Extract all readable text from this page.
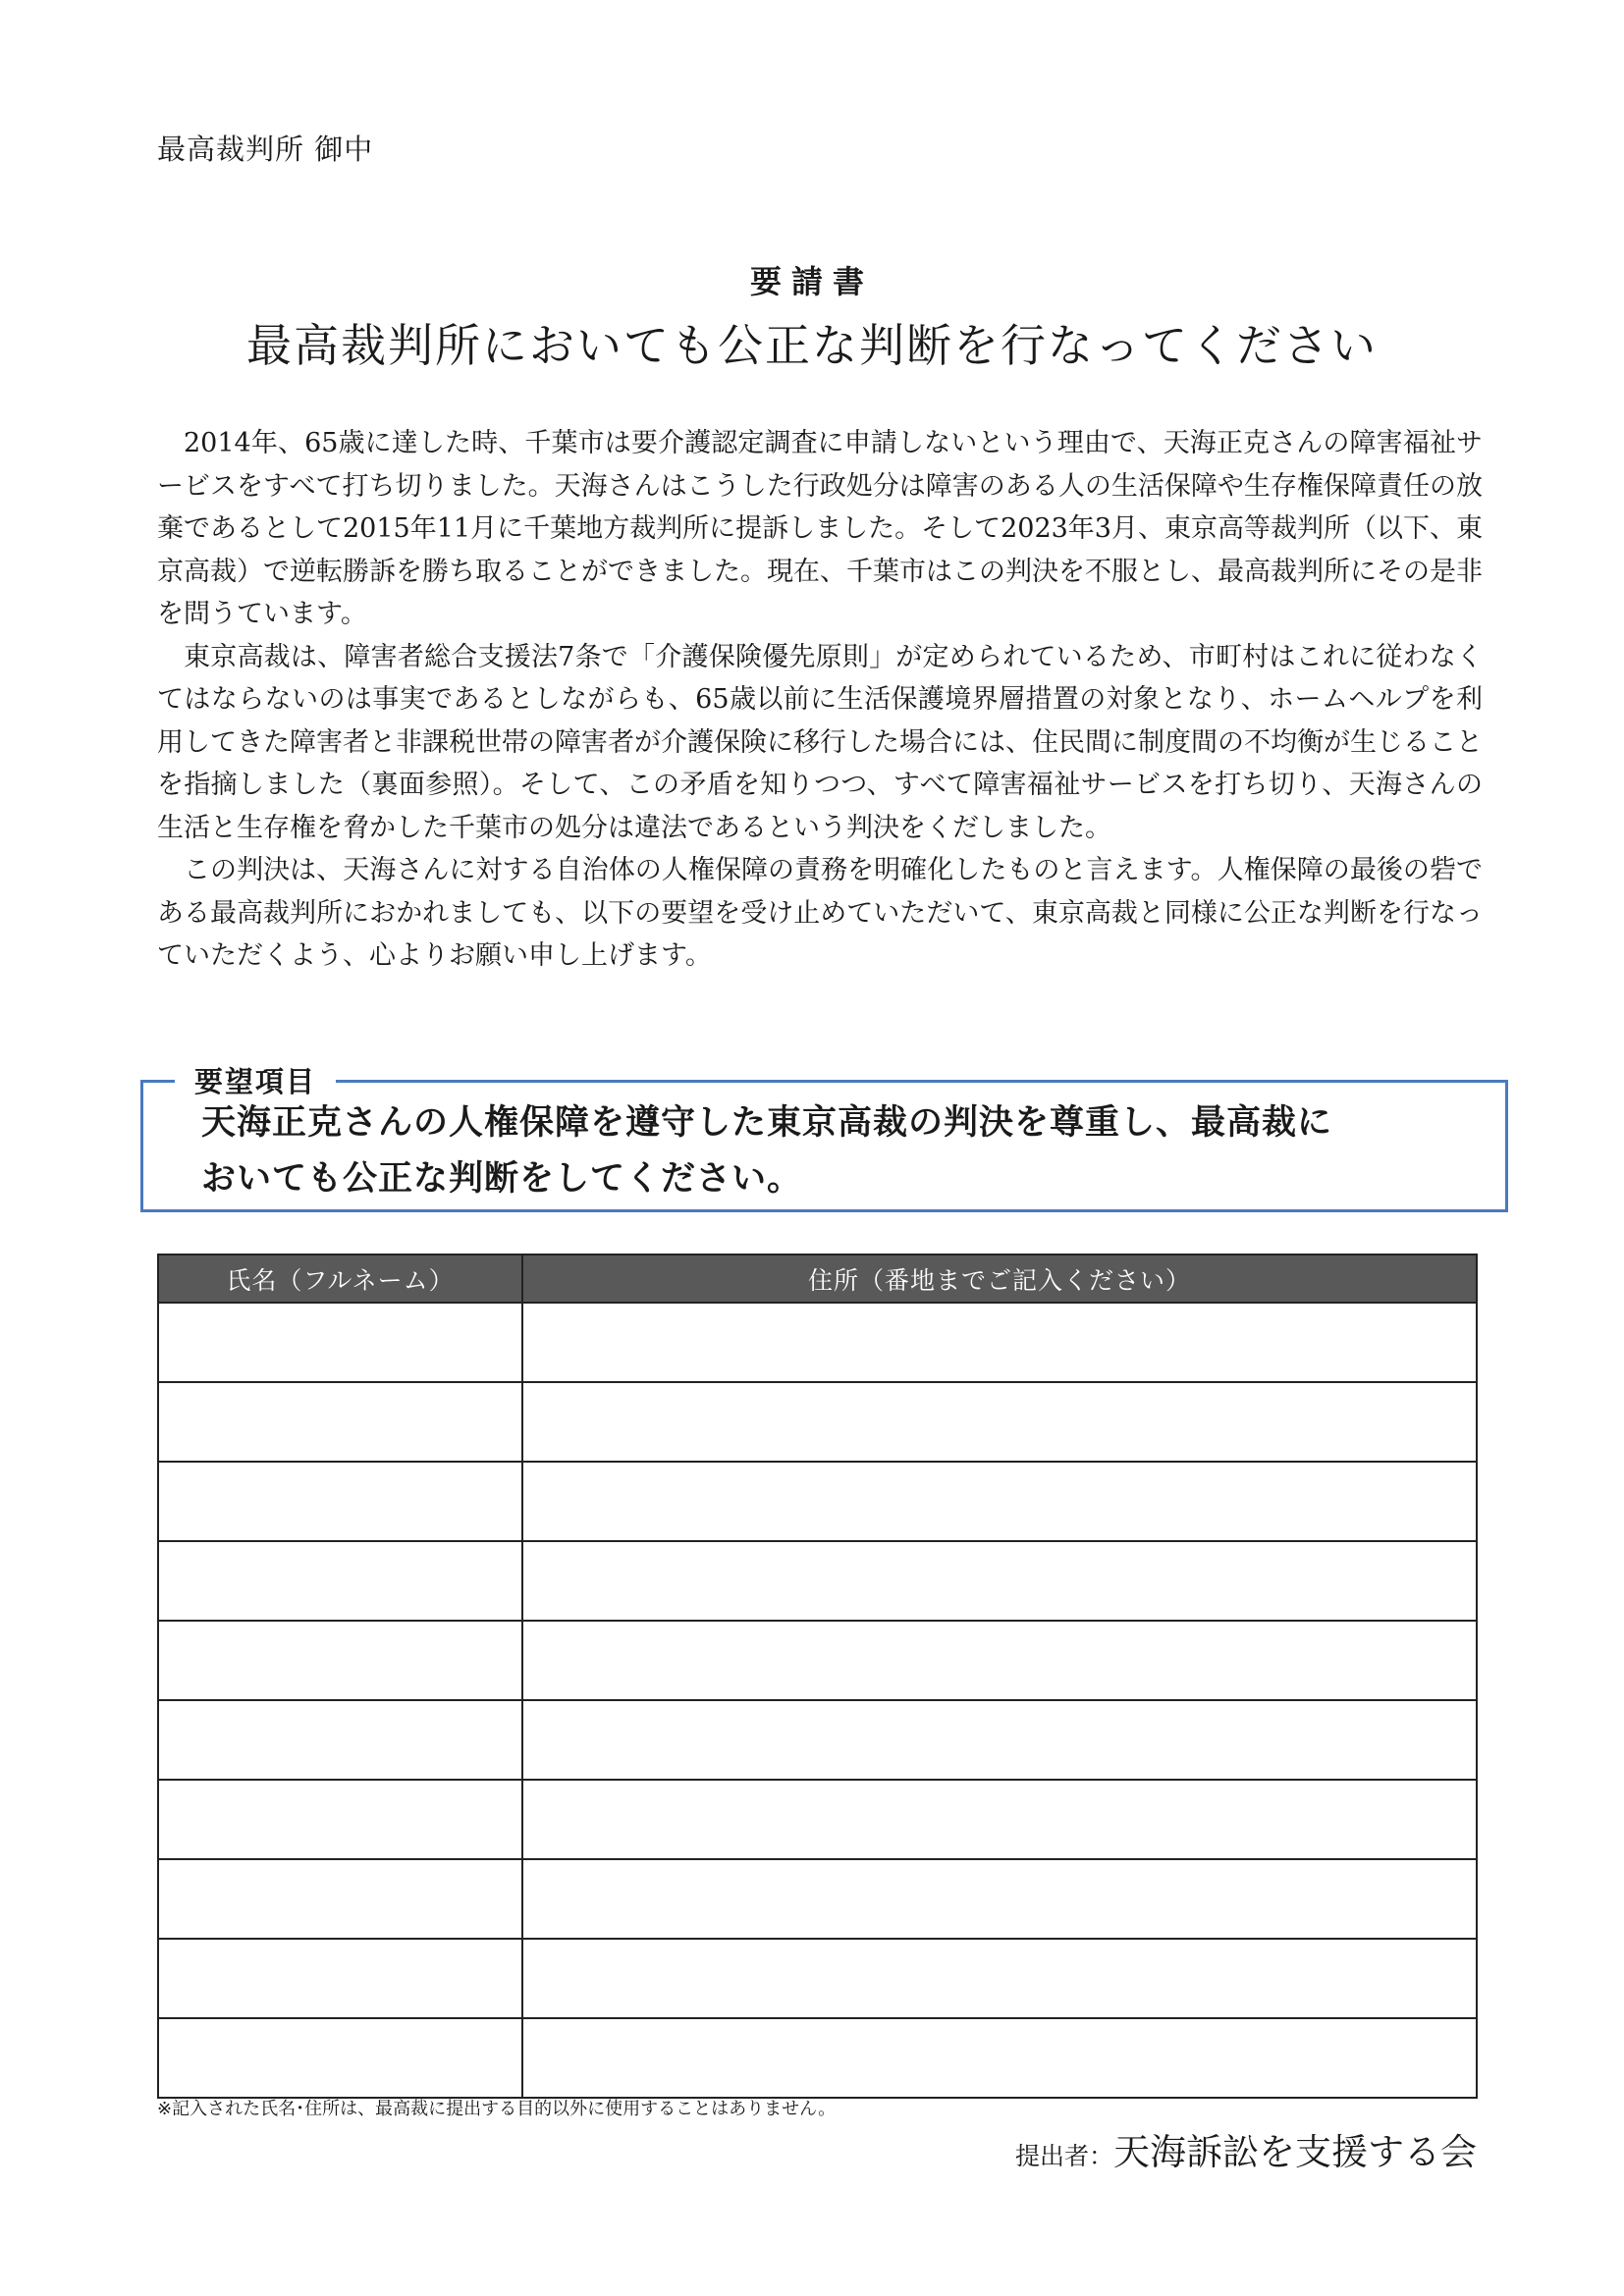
最高裁判所 御中
要請書
最高裁判所においても公正な判断を行なってください

2014年、65歳に達した時、千葉市は要介護認定調査に申請しないという理由で、天海正克さんの障害福祉サービスをすべて打ち切りました。天海さんはこうした行政処分は障害のある人の生活保障や生存権保障責任の放棄であるとして2015年11月に千葉地方裁判所に提訴しました。そして2023年3月、東京高等裁判所（以下、東京高裁）で逆転勝訴を勝ち取ることができました。現在、千葉市はこの判決を不服とし、最高裁判所にその是非を問うています。

東京高裁は、障害者総合支援法7条で「介護保険優先原則」が定められているため、市町村はこれに従わなくてはならないのは事実であるとしながらも、65歳以前に生活保護境界層措置の対象となり、ホームヘルプを利用してきた障害者と非課税世帯の障害者が介護保険に移行した場合には、住民間に制度間の不均衡が生じることを指摘しました（裏面参照）。そして、この矛盾を知りつつ、すべて障害福祉サービスを打ち切り、天海さんの生活と生存権を脅かした千葉市の処分は違法であるという判決をくだしました。

この判決は、天海さんに対する自治体の人権保障の責務を明確化したものと言えます。人権保障の最後の砦である最高裁判所におかれましても、以下の要望を受け止めていただいて、東京高裁と同様に公正な判断を行なっていただくよう、心よりお願い申し上げます。

要望項目
天海正克さんの人権保障を遵守した東京高裁の判決を尊重し、最高裁に
おいても公正な判断をしてください。
氏名（フルネーム）	住所（番地までご記入ください）

※記入された氏名･住所は、最高裁に提出する目的以外に使用することはありません。
提出者：天海訴訟を支援する会
